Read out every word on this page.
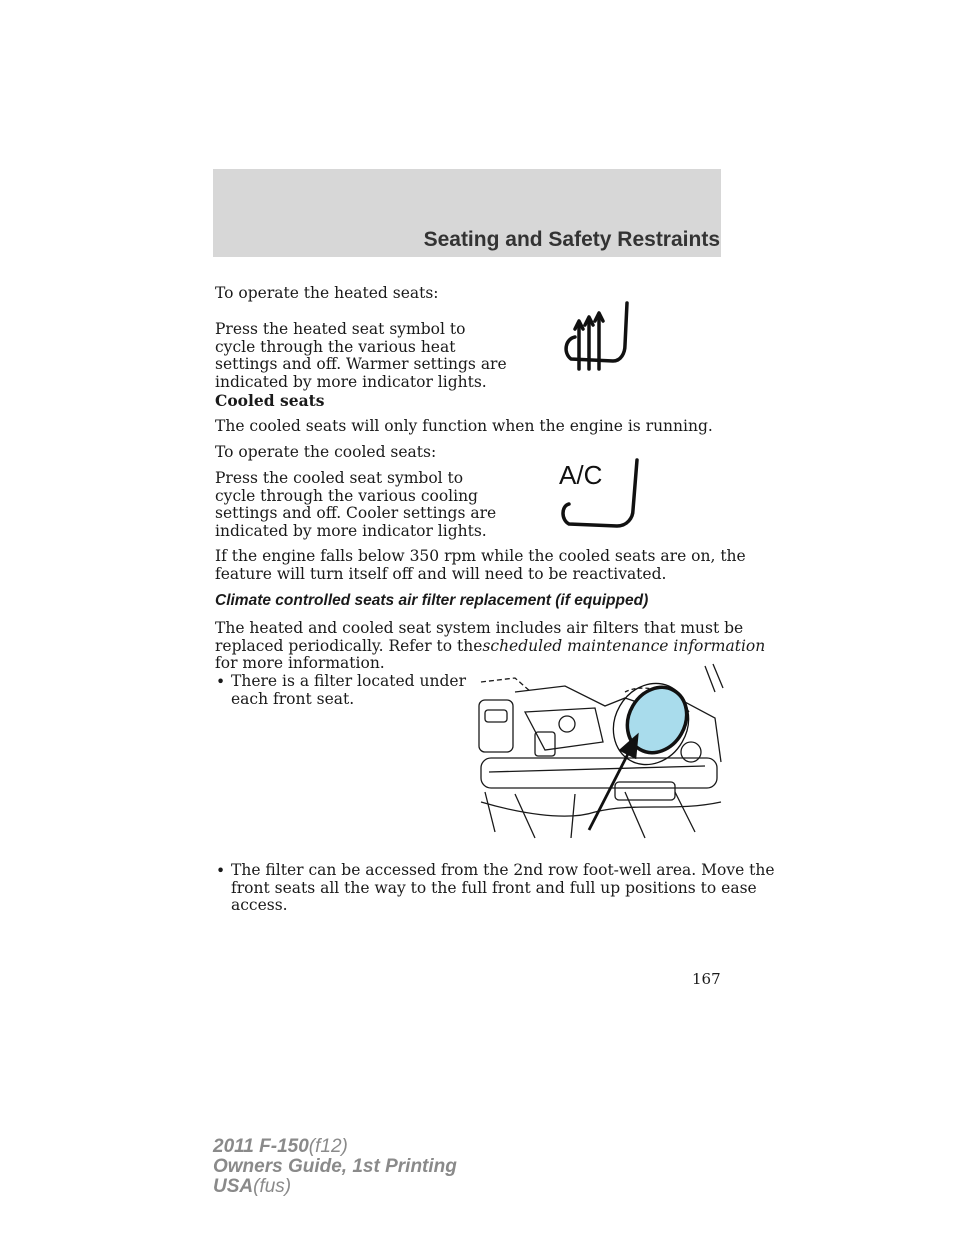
Seating and Safety Restraints

To operate the heated seats:

Press the heated seat symbol to
cycle through the various heat
settings and off. Warmer settings are
indicated by more indicator lights.

Cooled seats

The cooled seats will only function when the engine is running.

To operate the cooled seats:

Press the cooled seat symbol to
cycle through the various cooling
settings and off. Cooler settings are
indicated by more indicator lights.

A/C

If the engine falls below 350 rpm while the cooled seats are on, the
feature will turn itself off and will need to be reactivated.

Climate controlled seats air filter replacement (if equipped)

The heated and cooled seat system includes air filters that must be
replaced periodically. Refer to thescheduled maintenance information
for more information.

• There is a filter located under
each front seat.

• The filter can be accessed from the 2nd row foot-well area. Move the
front seats all the way to the full front and full up positions to ease
access.

167
2011 F-150(f12)
Owners Guide, 1st Printing
USA(fus)
